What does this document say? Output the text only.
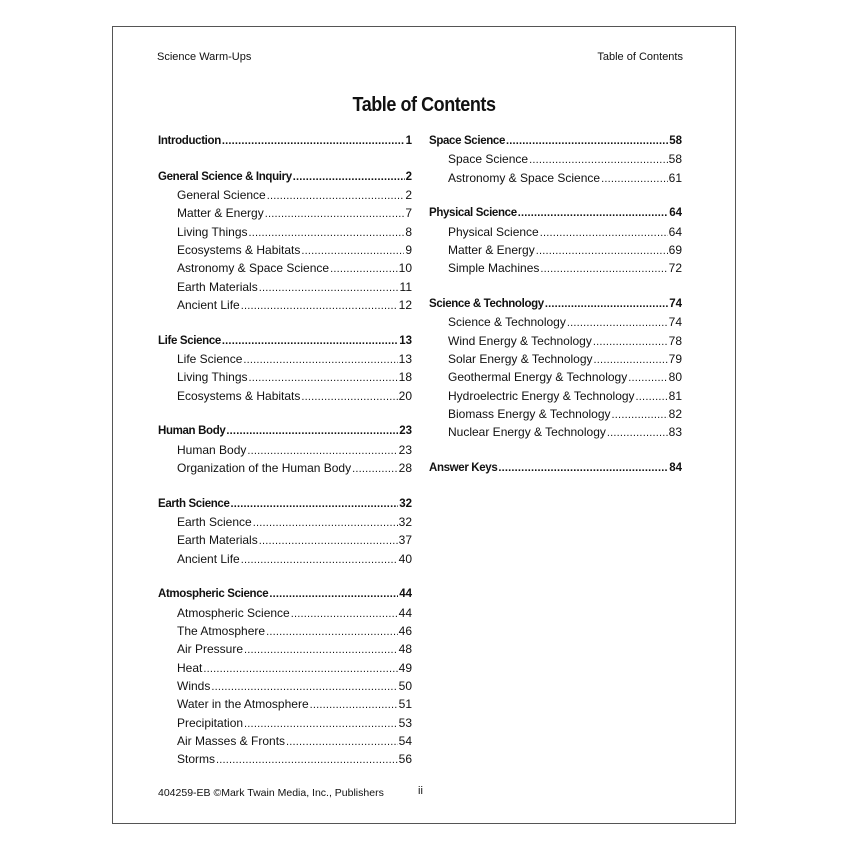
Science Warm-Ups	Table of Contents
Table of Contents
Introduction .....	1
General Science & Inquiry .....	2
General Science .....	2
Matter & Energy .....	7
Living Things .....	8
Ecosystems & Habitats .....	9
Astronomy & Space Science .....	10
Earth Materials .....	11
Ancient Life .....	12
Life Science .....	13
Life Science .....	13
Living Things .....	18
Ecosystems & Habitats .....	20
Human Body .....	23
Human Body .....	23
Organization of the Human Body .....	28
Earth Science .....	32
Earth Science .....	32
Earth Materials .....	37
Ancient Life .....	40
Atmospheric Science .....	44
Atmospheric Science .....	44
The Atmosphere .....	46
Air Pressure .....	48
Heat .....	49
Winds .....	50
Water in the Atmosphere .....	51
Precipitation .....	53
Air Masses & Fronts .....	54
Storms .....	56
Space Science .....	58
Space Science .....	58
Astronomy & Space Science .....	61
Physical Science .....	64
Physical Science .....	64
Matter & Energy .....	69
Simple Machines .....	72
Science & Technology .....	74
Science & Technology .....	74
Wind Energy & Technology .....	78
Solar Energy & Technology .....	79
Geothermal Energy & Technology .....	80
Hydroelectric Energy & Technology .....	81
Biomass Energy & Technology .....	82
Nuclear Energy & Technology .....	83
Answer Keys .....	84
404259-EB ©Mark Twain Media, Inc., Publishers	ii
